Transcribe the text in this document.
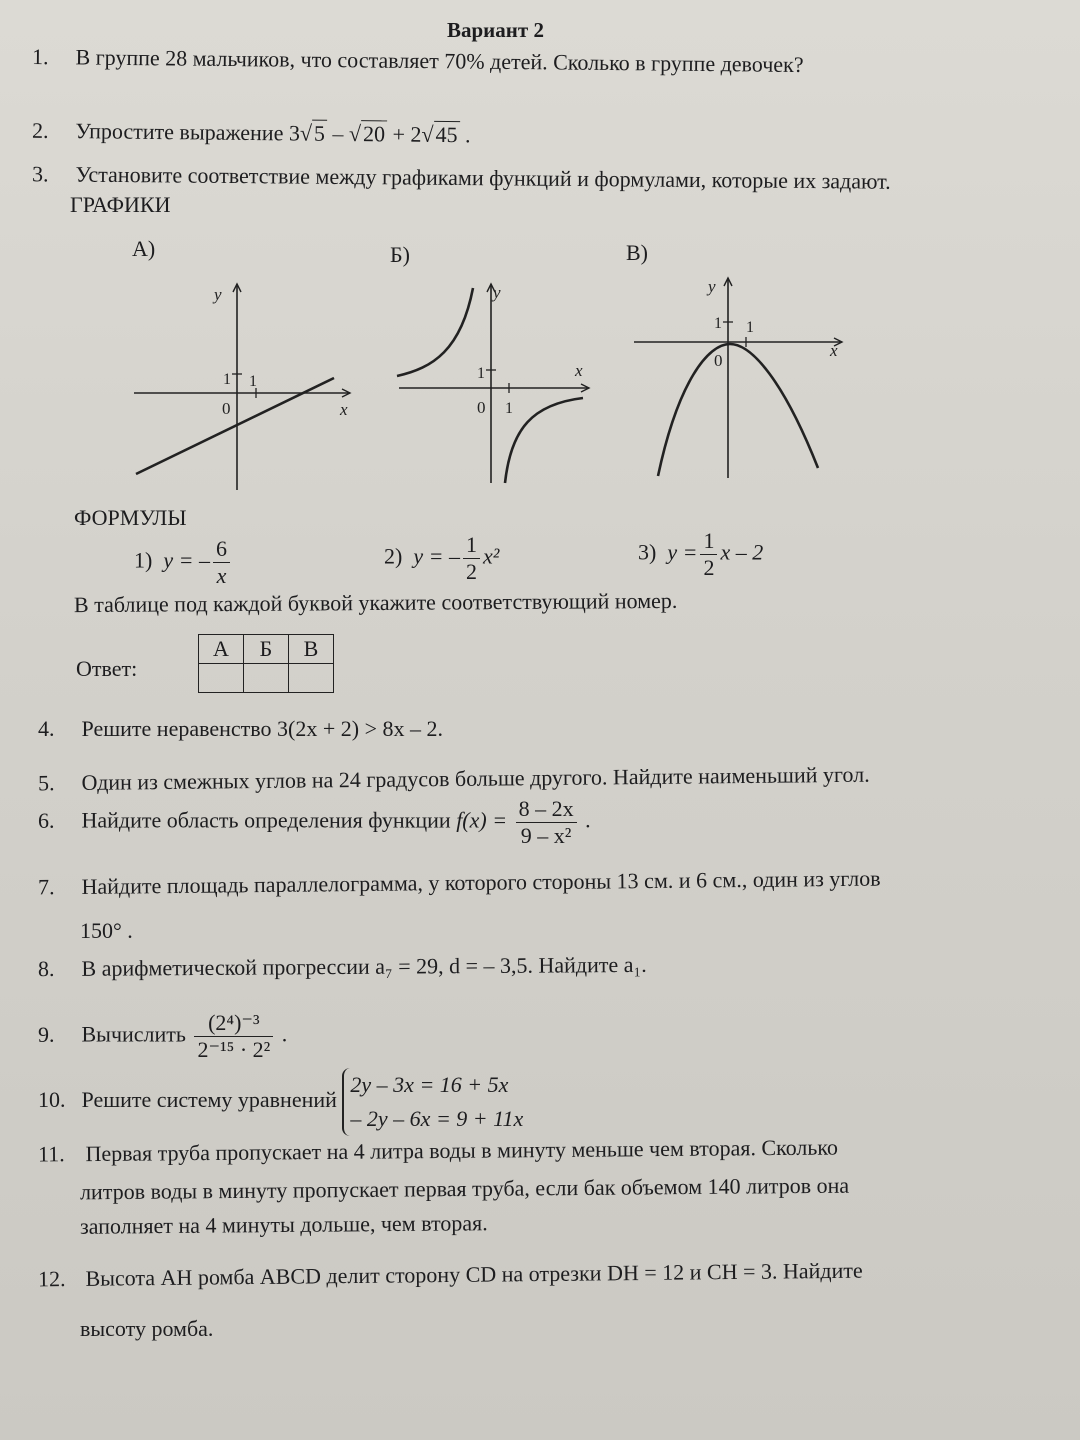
Вариант 2
1. В группе 28 мальчиков, что составляет 70% детей. Сколько в группе девочек?
2. Упростите выражение 3√5 – √20 + 2√45 .
3. Установите соответствие между графиками функций и формулами, которые их задают.
ГРАФИКИ
А)	Б)	В)
y
x
0
1 1
y
x
0
1
1
y
x
0
1 1
ФОРМУЛЫ
1) y = – $\frac{6}{x}$	2) y = – $\frac{1}{2} x^2$	3) $y = \frac{1}{2}$ x – 2
В таблице под каждой буквой укажите соответствующий номер.
Ответ:
А	Б	В

4. Решите неравенство 3(2x + 2) > 8x – 2.
5. Один из смежных углов на 24 градусов больше другого. Найдите наименьший угол.
6. Найдите область определения функции $f(x) = \frac{8 - 2x}{\text{9 – x²}}$ .
7. Найдите площадь параллелограмма, у которого стороны 13 см. и 6 см., один из углов
150° .
8. В арифметической прогрессии a₇ = 29, d = – 3,5. Найдите a₁.
9. Вычислить $\frac{\text{(2⁴)⁻³}}{\text{2⁻¹⁵ · 2²}}$ .
10. Решите систему уравнений
2y – 3x = 16 + 5x
– 2y – 6x = 9 + 11x
11. Первая труба пропускает на 4 литра воды в минуту меньше чем вторая. Сколько
литров воды в минуту пропускает первая труба, если бак объемом 140 литров она
заполняет на 4 минуты дольше, чем вторая.
12. Высота AH ромба ABCD делит сторону CD на отрезки DH = 12 и CH = 3. Найдите
высоту ромба.
